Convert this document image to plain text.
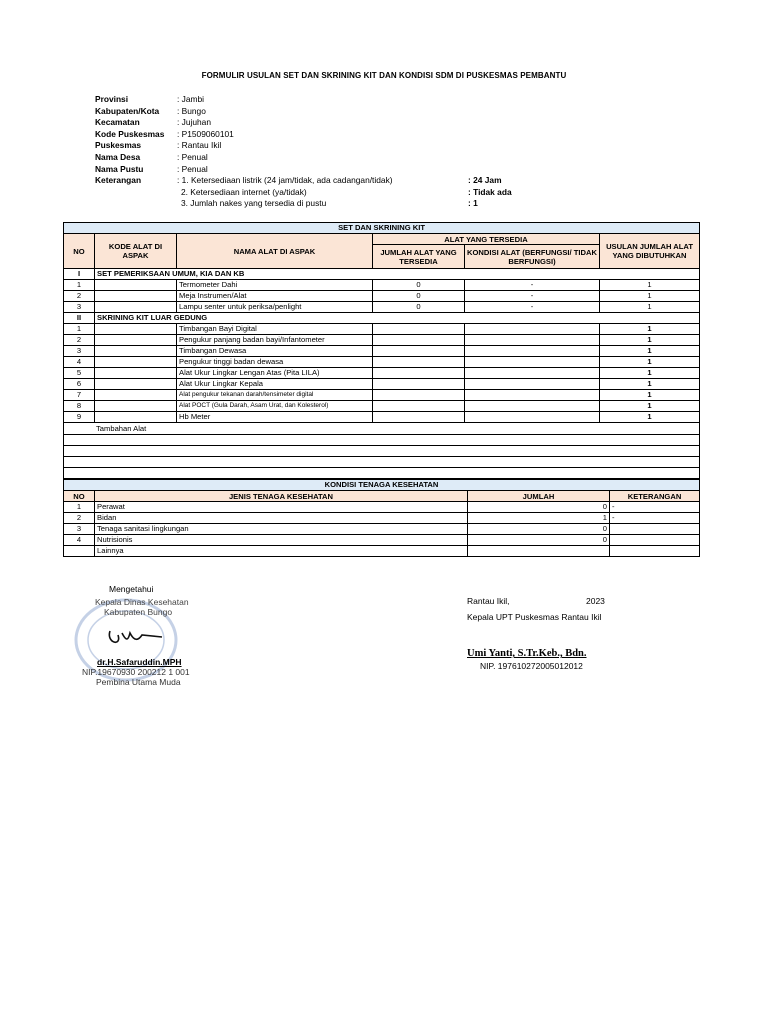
FORMULIR USULAN SET DAN SKRINING KIT DAN KONDISI SDM DI PUSKESMAS PEMBANTU
Provinsi	: Jambi
Kabupaten/Kota	: Bungo
Kecamatan	: Jujuhan
Kode Puskesmas	: P1509060101
Puskesmas	: Rantau Ikil
Nama Desa	: Penual
Nama Pustu	: Penual
Keterangan	: 1. Ketersediaan listrik (24 jam/tidak, ada cadangan/tidak)	: 24 Jam
2. Ketersediaan internet (ya/tidak)	: Tidak ada
3. Jumlah nakes yang tersedia di pustu	: 1
SET DAN SKRINING KIT					
NO	KODE ALAT DI ASPAK	NAMA ALAT DI ASPAK	ALAT YANG TERSEDIA		USULAN JUMLAH ALAT YANG DIBUTUHKAN
			JUMLAH ALAT YANG TERSEDIA	KONDISI ALAT (BERFUNGSI/ TIDAK BERFUNGSI)	
I	SET PEMERIKSAAN UMUM, KIA DAN KB				
1		Termometer Dahi	0	-	1
2		Meja Instrumen/Alat	0	-	1
3		Lampu senter untuk periksa/penlight	0	-	1
II	SKRINING KIT LUAR GEDUNG				
1		Timbangan Bayi Digital			1
2		Pengukur panjang badan bayi/Infantometer			1
3		Timbangan Dewasa			1
4		Pengukur tinggi badan dewasa			1
5		Alat Ukur Lingkar Lengan Atas (Pita LILA)			1
6		Alat Ukur Lingkar Kepala			1
7		Alat pengukur tekanan darah/tensimeter digital			1
8		Alat POCT (Gula Darah, Asam Urat, dan Kolesterol)			1
9		Hb Meter			1
Tambahan Alat					

KONDISI TENAGA KESEHATAN			
NO	JENIS TENAGA KESEHATAN	JUMLAH	KETERANGAN
1	Perawat	0	-
2	Bidan	1	-
3	Tenaga sanitasi lingkungan	0	
4	Nutrisionis	0	
	Lainnya		
Mengetahui
Kepala Dinas Kesehatan
Kabupaten Bungo
dr.H.Safaruddin.MPH
NIP.19670930 200212 1 001
Pembina Utama Muda
Rantau Ikil,	2023
Kepala UPT Puskesmas Rantau Ikil
Umi Yanti, S.Tr.Keb., Bdn.
NIP. 197610272005012012
